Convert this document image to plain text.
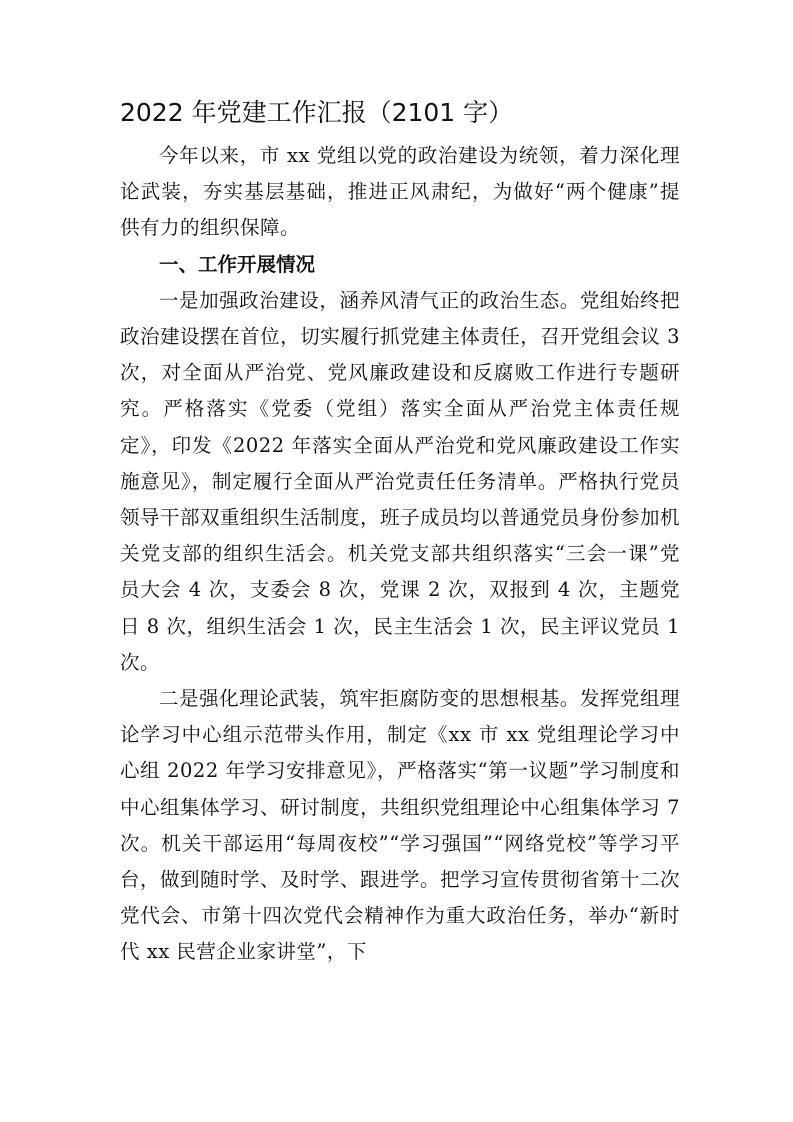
2022 年党建工作汇报（2101 字）

今年以来，市 xx 党组以党的政治建设为统领，着力深化理论武装，夯实基层基础，推进正风肃纪，为做好“两个健康”提供有力的组织保障。

一、工作开展情况

一是加强政治建设，涵养风清气正的政治生态。党组始终把政治建设摆在首位，切实履行抓党建主体责任，召开党组会议 3 次，对全面从严治党、党风廉政建设和反腐败工作进行专题研究。严格落实《党委（党组）落实全面从严治党主体责任规定》，印发《2022 年落实全面从严治党和党风廉政建设工作实施意见》，制定履行全面从严治党责任任务清单。严格执行党员领导干部双重组织生活制度，班子成员均以普通党员身份参加机关党支部的组织生活会。机关党支部共组织落实“三会一课”党员大会 4 次，支委会 8 次，党课 2 次，双报到 4 次，主题党日 8 次，组织生活会 1 次，民主生活会 1 次，民主评议党员 1 次。

二是强化理论武装，筑牢拒腐防变的思想根基。发挥党组理论学习中心组示范带头作用，制定《xx 市 xx 党组理论学习中心组 2022 年学习安排意见》，严格落实“第一议题”学习制度和中心组集体学习、研讨制度，共组织党组理论中心组集体学习 7 次。机关干部运用“每周夜校”“学习强国”“网络党校”等学习平台，做到随时学、及时学、跟进学。把学习宣传贯彻省第十二次党代会、市第十四次党代会精神作为重大政治任务，举办“新时代 xx 民营企业家讲堂”，下
